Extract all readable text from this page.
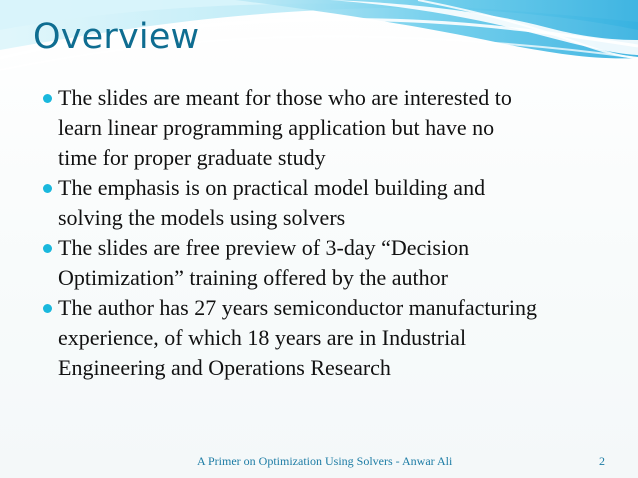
Overview
The slides are meant for those who are interested to
learn linear programming application but have no
time for proper graduate study
The emphasis is on practical model building and
solving the models using solvers
The slides are free preview of 3-day “Decision
Optimization” training offered by the author
The author has 27 years semiconductor manufacturing
experience, of which 18 years are in Industrial
Engineering and Operations Research
A Primer on Optimization Using Solvers - Anwar Ali	2
